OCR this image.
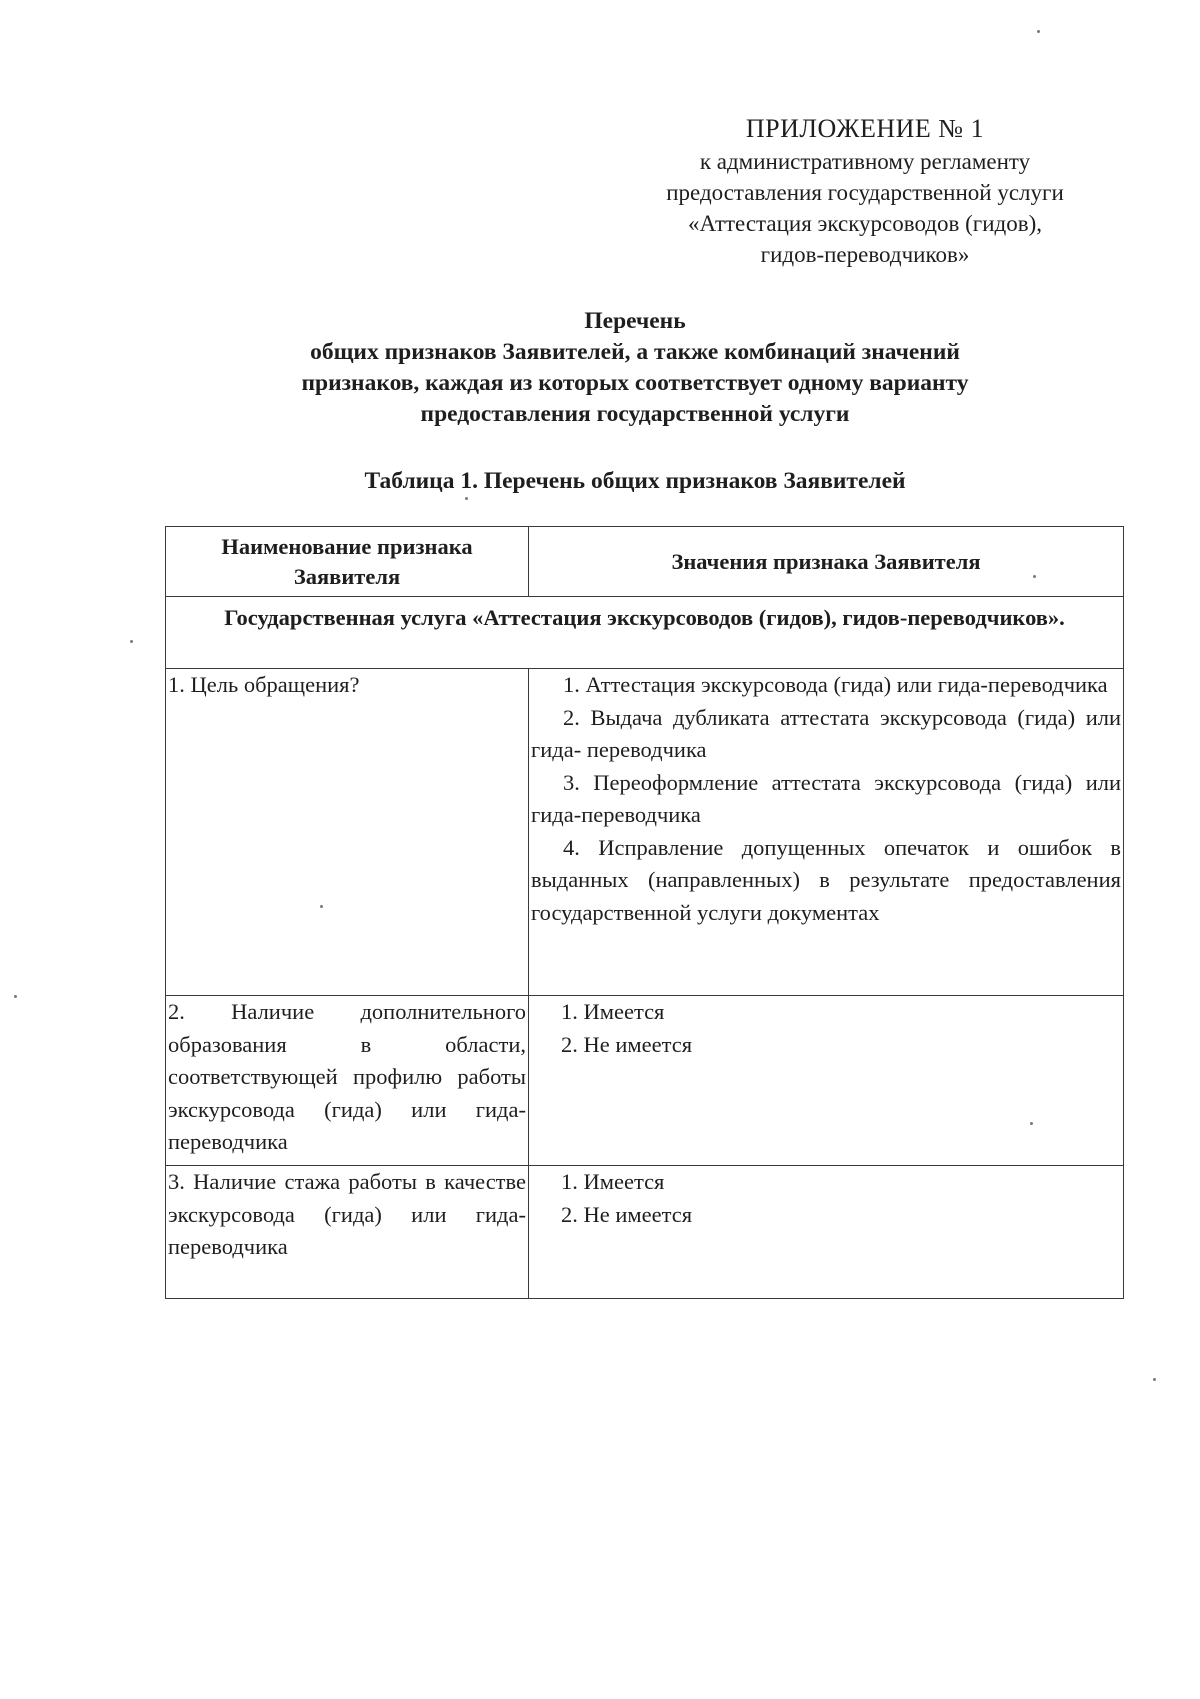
ПРИЛОЖЕНИЕ № 1
к административному регламенту
предоставления государственной услуги
«Аттестация экскурсоводов (гидов),
гидов-переводчиков»
Перечень
общих признаков Заявителей, а также комбинаций значений
признаков, каждая из которых соответствует одному варианту
предоставления государственной услуги
Таблица 1. Перечень общих признаков Заявителей
Наименование признака Заявителя	Значения признака Заявителя
Государственная услуга «Аттестация экскурсоводов (гидов), гидов-переводчиков».	

1. Цель обращения?	1. Аттестация экскурсовода (гида) или гида-переводчика
2. Выдача дубликата аттестата экскурсовода (гида) или гида- переводчика
3. Переоформление аттестата экскурсовода (гида) или гида-переводчика
4. Исправление допущенных опечаток и ошибок в выданных (направленных) в результате предоставления государственной услуги документах

2. Наличие дополнительного образования в области, соответствующей профилю работы экскурсовода (гида) или гида-переводчика	1. Имеется
2. Не имеется

3. Наличие стажа работы в качестве экскурсовода (гида) или гида-переводчика	1. Имеется
2. Не имеется
